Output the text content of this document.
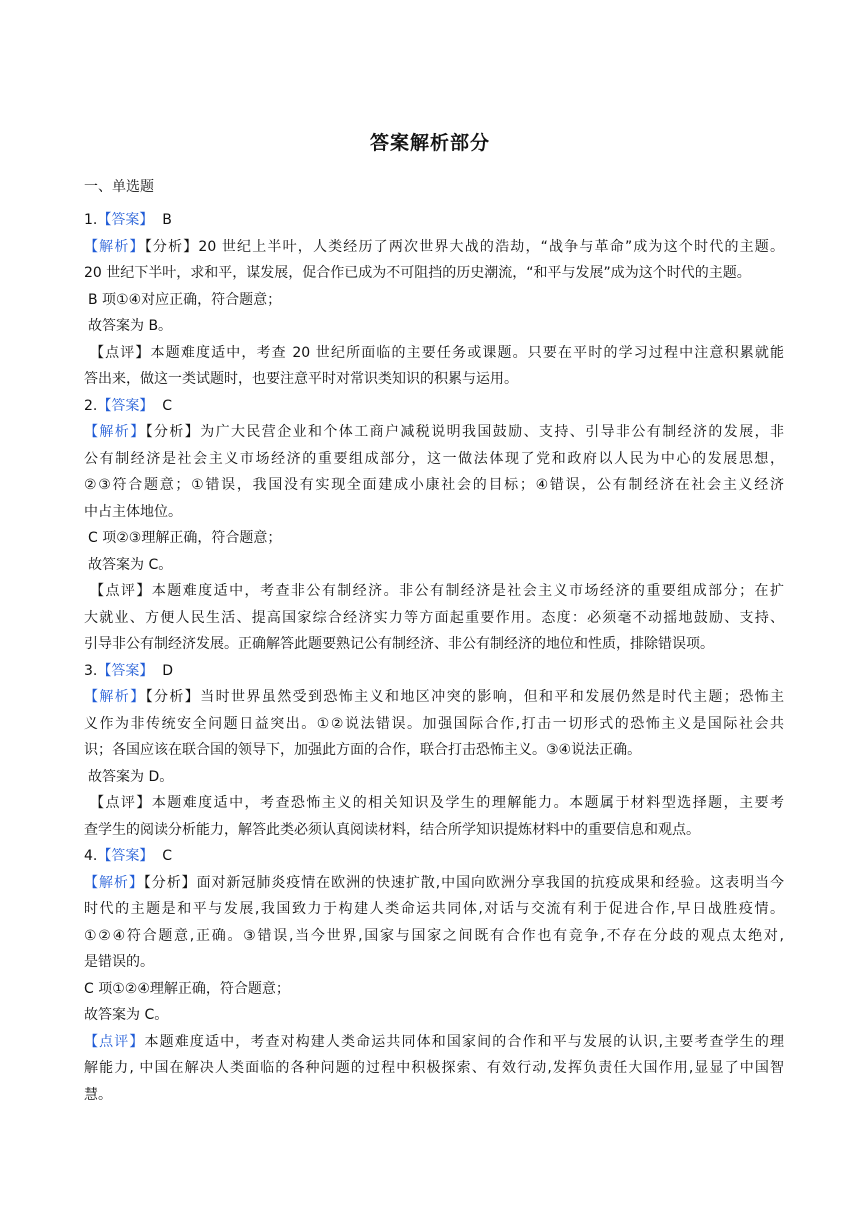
答案解析部分
一、单选题
1.【答案】 B
【解析】【分析】20 世纪上半叶，人类经历了两次世界大战的浩劫，“战争与革命”成为这个时代的主题。
20 世纪下半叶，求和平，谋发展，促合作已成为不可阻挡的历史潮流，“和平与发展”成为这个时代的主题。
B 项①④对应正确，符合题意；
故答案为 B。
【点评】本题难度适中，考查 20 世纪所面临的主要任务或课题。只要在平时的学习过程中注意积累就能
答出来，做这一类试题时，也要注意平时对常识类知识的积累与运用。
2.【答案】 C
【解析】【分析】为广大民营企业和个体工商户减税说明我国鼓励、支持、引导非公有制经济的发展，非
公有制经济是社会主义市场经济的重要组成部分，这一做法体现了党和政府以人民为中心的发展思想，
②③符合题意；①错误，我国没有实现全面建成小康社会的目标；④错误，公有制经济在社会主义经济
中占主体地位。
C 项②③理解正确，符合题意；
故答案为 C。
【点评】本题难度适中，考查非公有制经济。非公有制经济是社会主义市场经济的重要组成部分；在扩
大就业、方便人民生活、提高国家综合经济实力等方面起重要作用。态度：必须毫不动摇地鼓励、支持、
引导非公有制经济发展。正确解答此题要熟记公有制经济、非公有制经济的地位和性质，排除错误项。
3.【答案】 D
【解析】【分析】当时世界虽然受到恐怖主义和地区冲突的影响，但和平和发展仍然是时代主题；恐怖主
义作为非传统安全问题日益突出。①②说法错误。加强国际合作,打击一切形式的恐怖主义是国际社会共
识；各国应该在联合国的领导下，加强此方面的合作，联合打击恐怖主义。③④说法正确。
故答案为 D。
【点评】本题难度适中，考查恐怖主义的相关知识及学生的理解能力。本题属于材料型选择题，主要考
查学生的阅读分析能力，解答此类必须认真阅读材料，结合所学知识提炼材料中的重要信息和观点。
4.【答案】 C
【解析】【分析】面对新冠肺炎疫情在欧洲的快速扩散,中国向欧洲分享我国的抗疫成果和经验。这表明当今
时代的主题是和平与发展,我国致力于构建人类命运共同体,对话与交流有利于促进合作,早日战胜疫情。
①②④符合题意,正确。③错误,当今世界,国家与国家之间既有合作也有竞争,不存在分歧的观点太绝对,
是错误的。
C 项①②④理解正确，符合题意；
故答案为 C。
【点评】本题难度适中，考查对构建人类命运共同体和国家间的合作和平与发展的认识,主要考查学生的理
解能力, 中国在解决人类面临的各种问题的过程中积极探索、有效行动,发挥负责任大国作用,显显了中国智
慧。
